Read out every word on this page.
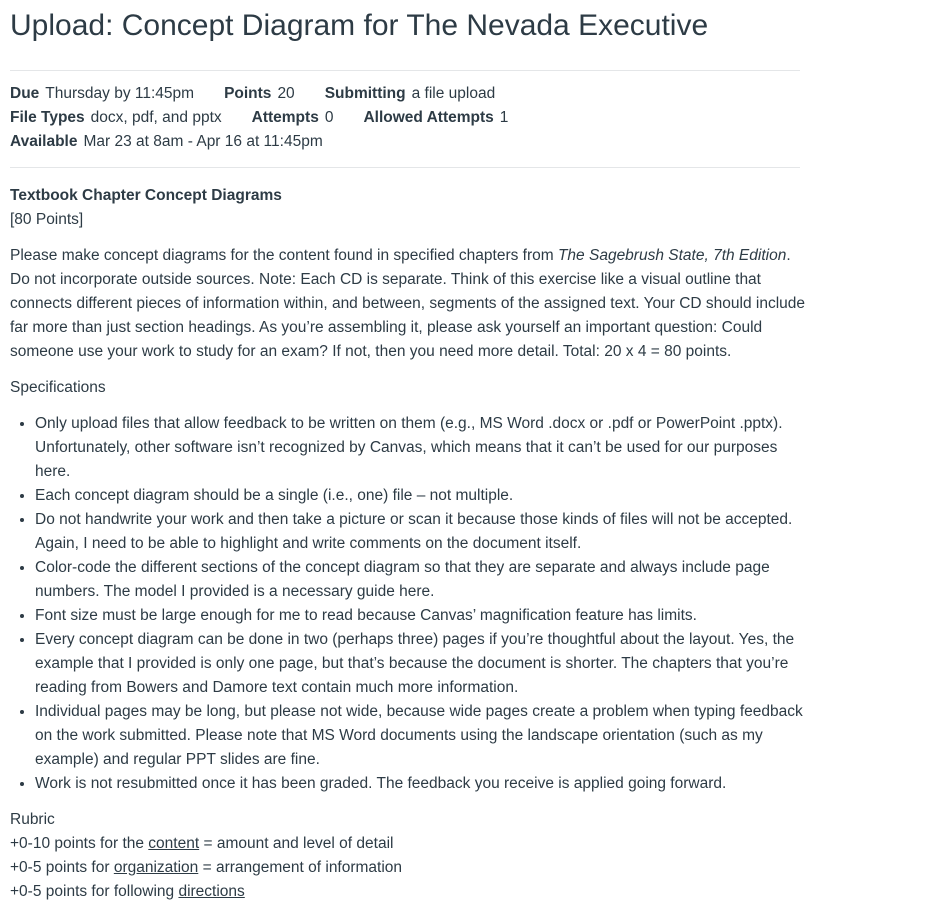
Upload: Concept Diagram for The Nevada Executive
Due Thursday by 11:45pm Points 20 Submitting a file upload
File Types docx, pdf, and pptx Attempts 0 Allowed Attempts 1
Available Mar 23 at 8am - Apr 16 at 11:45pm

Textbook Chapter Concept Diagrams

[80 Points]

Please make concept diagrams for the content found in specified chapters from The Sagebrush State, 7th Edition. Do not incorporate outside sources. Note: Each CD is separate. Think of this exercise like a visual outline that connects different pieces of information within, and between, segments of the assigned text. Your CD should include far more than just section headings. As you’re assembling it, please ask yourself an important question: Could someone use your work to study for an exam? If not, then you need more detail. Total: 20 x 4 = 80 points.

Specifications

• Only upload files that allow feedback to be written on them (e.g., MS Word .docx or .pdf or PowerPoint .pptx). Unfortunately, other software isn’t recognized by Canvas, which means that it can’t be used for our purposes here.
• Each concept diagram should be a single (i.e., one) file – not multiple.
• Do not handwrite your work and then take a picture or scan it because those kinds of files will not be accepted. Again, I need to be able to highlight and write comments on the document itself.
• Color-code the different sections of the concept diagram so that they are separate and always include page numbers. The model I provided is a necessary guide here.
• Font size must be large enough for me to read because Canvas’ magnification feature has limits.
• Every concept diagram can be done in two (perhaps three) pages if you’re thoughtful about the layout. Yes, the example that I provided is only one page, but that’s because the document is shorter. The chapters that you’re reading from Bowers and Damore text contain much more information.
• Individual pages may be long, but please not wide, because wide pages create a problem when typing feedback on the work submitted. Please note that MS Word documents using the landscape orientation (such as my example) and regular PPT slides are fine.
• Work is not resubmitted once it has been graded. The feedback you receive is applied going forward.

Rubric

+0-10 points for the content = amount and level of detail

+0-5 points for organization = arrangement of information

+0-5 points for following directions
